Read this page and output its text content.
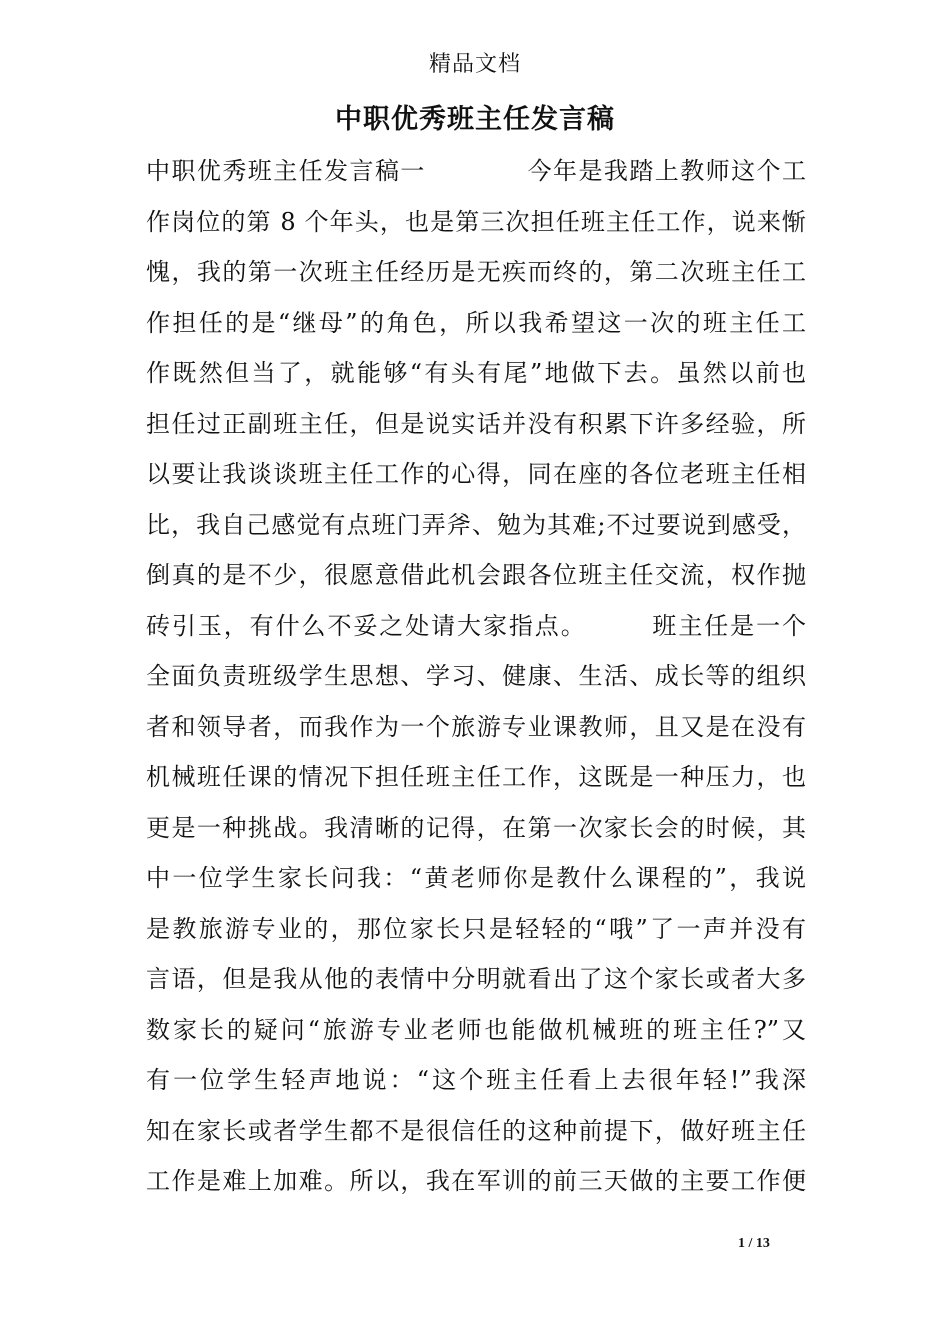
精品文档
中职优秀班主任发言稿
中职优秀班主任发言稿一　　　　今年是我踏上教师这个工
作岗位的第 8 个年头，也是第三次担任班主任工作，说来惭
愧，我的第一次班主任经历是无疾而终的，第二次班主任工
作担任的是“继母”的角色，所以我希望这一次的班主任工
作既然但当了，就能够“有头有尾”地做下去。虽然以前也
担任过正副班主任，但是说实话并没有积累下许多经验，所
以要让我谈谈班主任工作的心得，同在座的各位老班主任相
比，我自己感觉有点班门弄斧、勉为其难;不过要说到感受，
倒真的是不少，很愿意借此机会跟各位班主任交流，权作抛
砖引玉，有什么不妥之处请大家指点。　　　班主任是一个
全面负责班级学生思想、学习、健康、生活、成长等的组织
者和领导者，而我作为一个旅游专业课教师，且又是在没有
机械班任课的情况下担任班主任工作，这既是一种压力，也
更是一种挑战。我清晰的记得，在第一次家长会的时候，其
中一位学生家长问我：“黄老师你是教什么课程的”，我说
是教旅游专业的，那位家长只是轻轻的“哦”了一声并没有
言语，但是我从他的表情中分明就看出了这个家长或者大多
数家长的疑问“旅游专业老师也能做机械班的班主任?”又
有一位学生轻声地说：“这个班主任看上去很年轻!”我深
知在家长或者学生都不是很信任的这种前提下，做好班主任
工作是难上加难。所以，我在军训的前三天做的主要工作便
1 / 13
